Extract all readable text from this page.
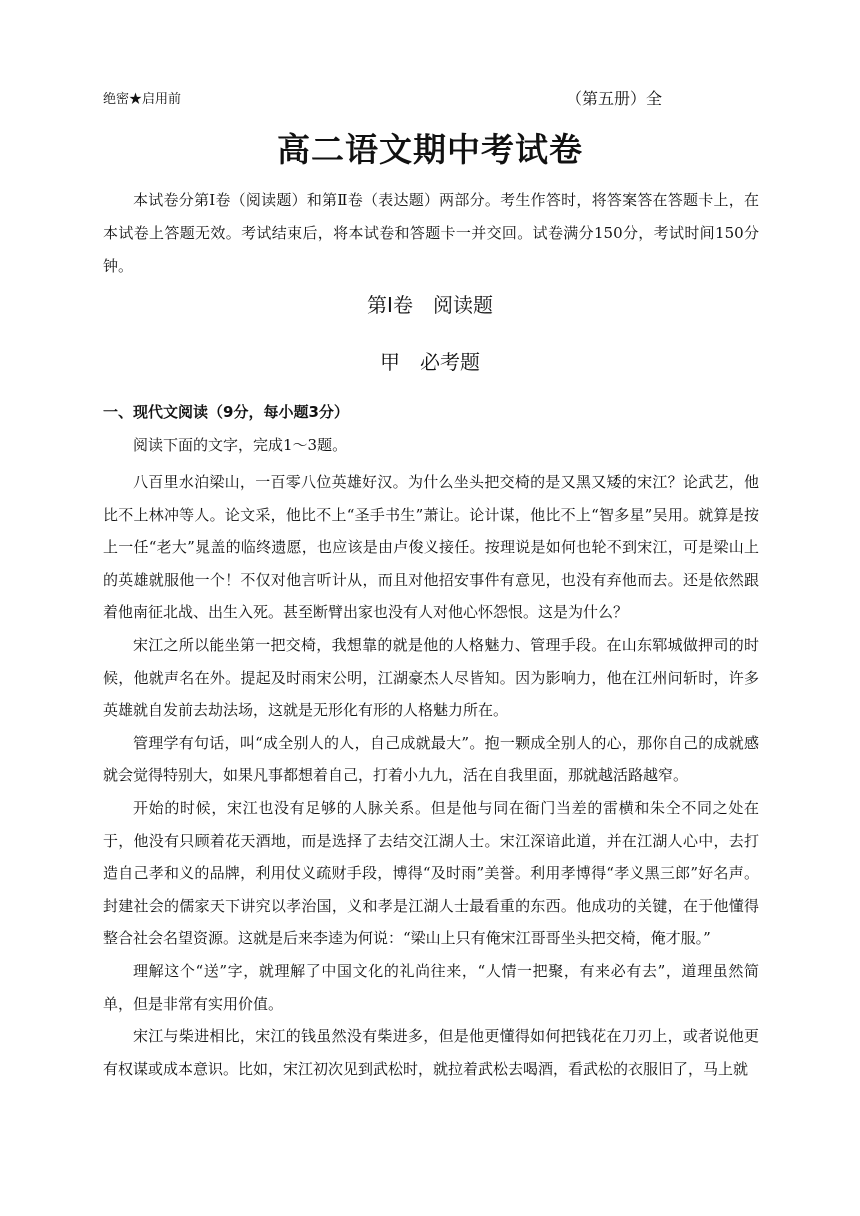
绝密★启用前	（第五册）全
高二语文期中考试卷
本试卷分第Ⅰ卷（阅读题）和第Ⅱ卷（表达题）两部分。考生作答时，将答案答在答题卡上，在本试卷上答题无效。考试结束后，将本试卷和答题卡一并交回。试卷满分150分，考试时间150分钟。
第Ⅰ卷　阅读题
甲　必考题
一、现代文阅读（9分，每小题3分）
阅读下面的文字，完成1～3题。

八百里水泊梁山，一百零八位英雄好汉。为什么坐头把交椅的是又黑又矮的宋江？论武艺，他比不上林冲等人。论文采，他比不上“圣手书生”萧让。论计谋，他比不上“智多星”吴用。就算是按上一任“老大”晁盖的临终遗愿，也应该是由卢俊义接任。按理说是如何也轮不到宋江，可是梁山上的英雄就服他一个！不仅对他言听计从，而且对他招安事件有意见，也没有弃他而去。还是依然跟着他南征北战、出生入死。甚至断臂出家也没有人对他心怀怨恨。这是为什么？

宋江之所以能坐第一把交椅，我想靠的就是他的人格魅力、管理手段。在山东郓城做押司的时候，他就声名在外。提起及时雨宋公明，江湖豪杰人尽皆知。因为影响力，他在江州问斩时，许多英雄就自发前去劫法场，这就是无形化有形的人格魅力所在。

管理学有句话，叫“成全别人的人，自己成就最大”。抱一颗成全别人的心，那你自己的成就感就会觉得特别大，如果凡事都想着自己，打着小九九，活在自我里面，那就越活路越窄。

开始的时候，宋江也没有足够的人脉关系。但是他与同在衙门当差的雷横和朱仝不同之处在于，他没有只顾着花天酒地，而是选择了去结交江湖人士。宋江深谙此道，并在江湖人心中，去打造自己孝和义的品牌，利用仗义疏财手段，博得“及时雨”美誉。利用孝博得“孝义黑三郎”好名声。封建社会的儒家天下讲究以孝治国，义和孝是江湖人士最看重的东西。他成功的关键，在于他懂得整合社会名望资源。这就是后来李逵为何说：“梁山上只有俺宋江哥哥坐头把交椅，俺才服。”

理解这个“送”字，就理解了中国文化的礼尚往来，“人情一把聚，有来必有去”，道理虽然简单，但是非常有实用价值。

宋江与柴进相比，宋江的钱虽然没有柴进多，但是他更懂得如何把钱花在刀刃上，或者说他更有权谋或成本意识。比如，宋江初次见到武松时，就拉着武松去喝酒，看武松的衣服旧了，马上就
